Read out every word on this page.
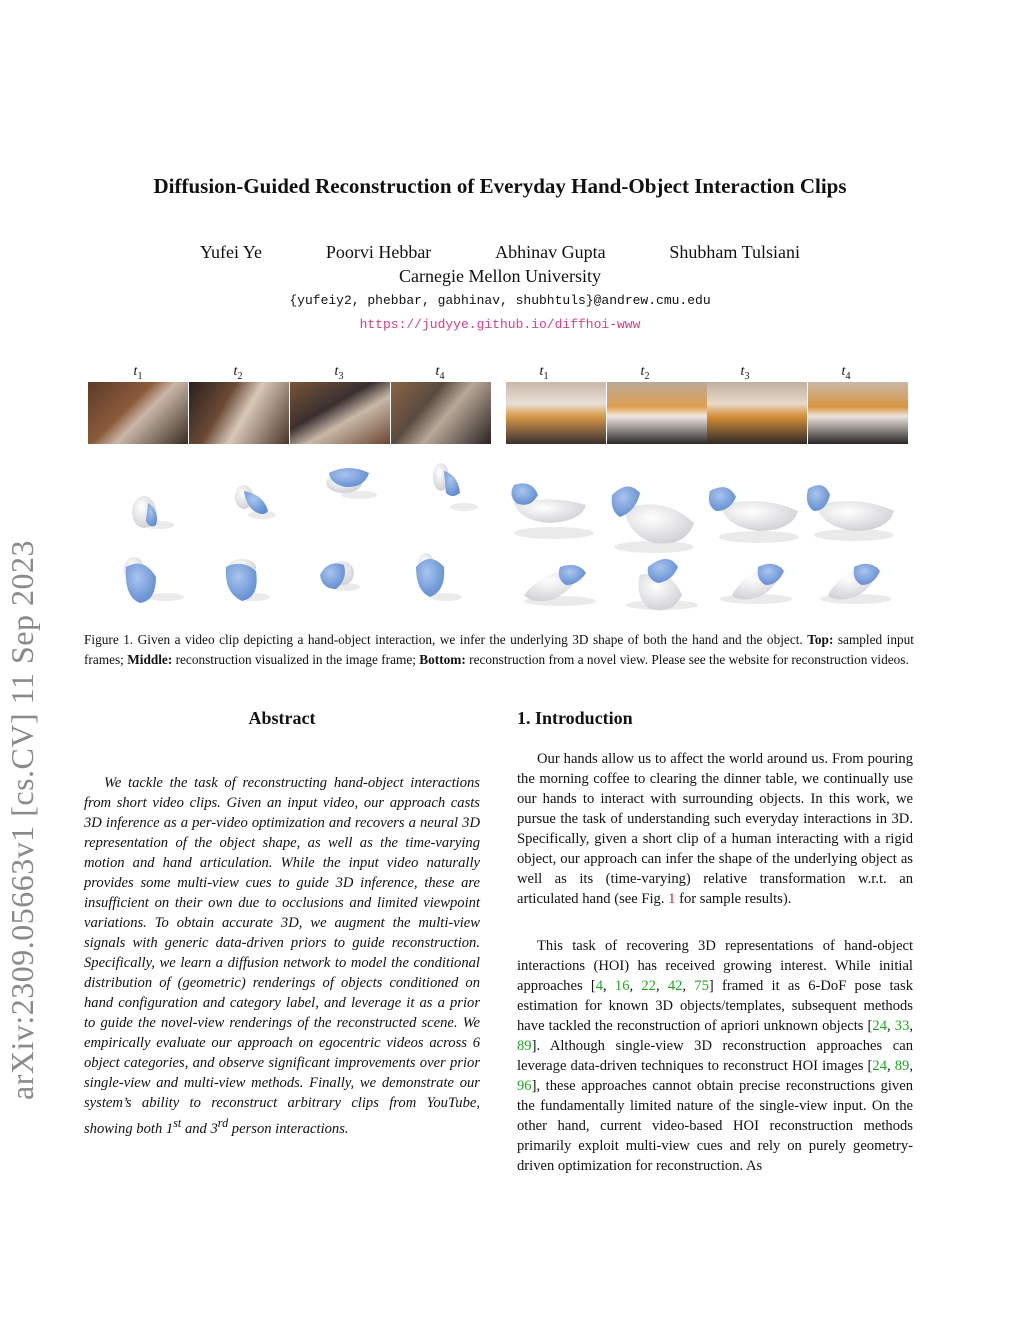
arXiv:2309.05663v1 [cs.CV] 11 Sep 2023
Diffusion-Guided Reconstruction of Everyday Hand-Object Interaction Clips
Yufei Ye	Poorvi Hebbar	Abhinav Gupta	Shubham Tulsiani
Carnegie Mellon University
{yufeiy2, phebbar, gabhinav, shubhtuls}@andrew.cmu.edu
https://judyye.github.io/diffhoi-www
$t_1$	$t_2$	$t_3$	$t_4$	$t_1$	$t_2$	$t_3$	$t_4$
Figure 1. Given a video clip depicting a hand-object interaction, we infer the underlying 3D shape of both the hand and the object. Top: sampled input frames; Middle: reconstruction visualized in the image frame; Bottom: reconstruction from a novel view. Please see the website for reconstruction videos.
Abstract
We tackle the task of reconstructing hand-object interactions from short video clips. Given an input video, our approach casts 3D inference as a per-video optimization and recovers a neural 3D representation of the object shape, as well as the time-varying motion and hand articulation. While the input video naturally provides some multi-view cues to guide 3D inference, these are insufficient on their own due to occlusions and limited viewpoint variations. To obtain accurate 3D, we augment the multi-view signals with generic data-driven priors to guide reconstruction. Specifically, we learn a diffusion network to model the conditional distribution of (geometric) renderings of objects conditioned on hand configuration and category label, and leverage it as a prior to guide the novel-view renderings of the reconstructed scene. We empirically evaluate our approach on egocentric videos across 6 object categories, and observe significant improvements over prior single-view and multi-view methods. Finally, we demonstrate our system’s ability to reconstruct arbitrary clips from YouTube, showing both 1st and 3rd person interactions.
1. Introduction
Our hands allow us to affect the world around us. From pouring the morning coffee to clearing the dinner table, we continually use our hands to interact with surrounding objects. In this work, we pursue the task of understanding such everyday interactions in 3D. Specifically, given a short clip of a human interacting with a rigid object, our approach can infer the shape of the underlying object as well as its (time-varying) relative transformation w.r.t. an articulated hand (see Fig. 1 for sample results).
This task of recovering 3D representations of hand-object interactions (HOI) has received growing interest. While initial approaches [4, 16, 22, 42, 75] framed it as 6-DoF pose task estimation for known 3D objects/templates, subsequent methods have tackled the reconstruction of apriori unknown objects [24, 33, 89]. Although single-view 3D reconstruction approaches can leverage data-driven techniques to reconstruct HOI images [24, 89, 96], these approaches cannot obtain precise reconstructions given the fundamentally limited nature of the single-view input. On the other hand, current video-based HOI reconstruction methods primarily exploit multi-view cues and rely on purely geometry-driven optimization for reconstruction. As
